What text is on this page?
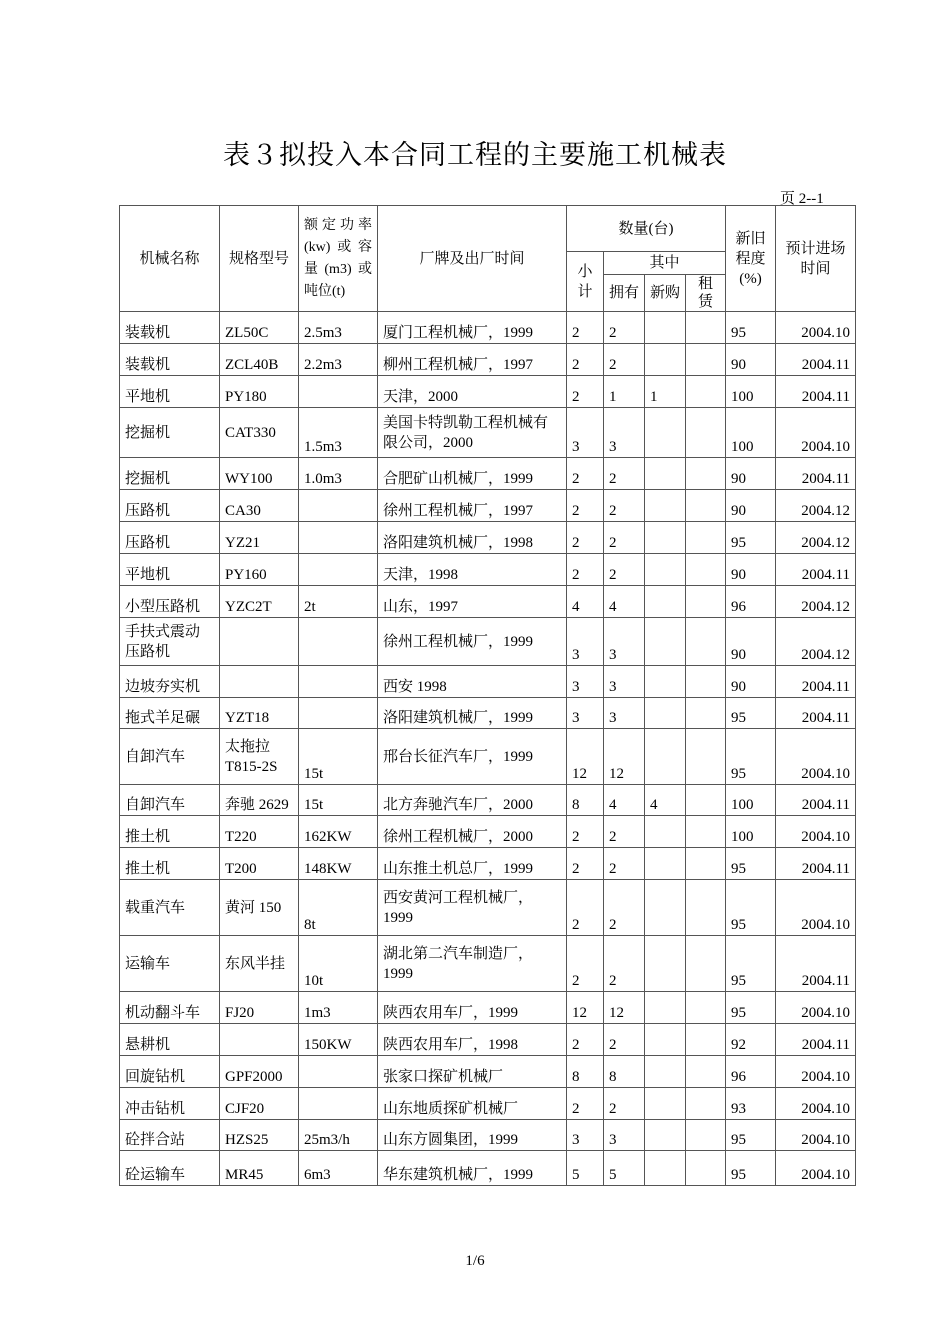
表３拟投入本合同工程的主要施工机械表
页 2--1
机械名称	规格型号	额定功率(kw)或容量(m3)或吨位(t)	厂牌及出厂时间	数量(台)				新旧程度(%)	预计进场时间
				小计	其中				
					拥有	新购	租赁		
装载机	ZL50C	2.5m3	厦门工程机械厂，1999	2	2			95	2004.10
装载机	ZCL40B	2.2m3	柳州工程机械厂，1997	2	2			90	2004.11
平地机	PY180		天津，2000	2	1	1		100	2004.11
挖掘机	CAT330	1.5m3	美国卡特凯勒工程机械有限公司，2000	3	3			100	2004.10
挖掘机	WY100	1.0m3	合肥矿山机械厂，1999	2	2			90	2004.11
压路机	CA30		徐州工程机械厂，1997	2	2			90	2004.12
压路机	YZ21		洛阳建筑机械厂，1998	2	2			95	2004.12
平地机	PY160		天津，1998	2	2			90	2004.11
小型压路机	YZC2T	2t	山东，1997	4	4			96	2004.12
手扶式震动压路机			徐州工程机械厂，1999	3	3			90	2004.12
边坡夯实机			西安 1998	3	3			90	2004.11
拖式羊足碾	YZT18		洛阳建筑机械厂，1999	3	3			95	2004.11
自卸汽车	太拖拉T815-2S	15t	邢台长征汽车厂，1999	12	12			95	2004.10
自卸汽车	奔驰 2629	15t	北方奔驰汽车厂，2000	8	4	4		100	2004.11
推土机	T220	162KW	徐州工程机械厂，2000	2	2			100	2004.10
推土机	T200	148KW	山东推土机总厂，1999	2	2			95	2004.11
载重汽车	黄河 150	8t	西安黄河工程机械厂，1999	2	2			95	2004.10
运输车	东风半挂	10t	湖北第二汽车制造厂，1999	2	2			95	2004.11
机动翻斗车	FJ20	1m3	陕西农用车厂，1999	12	12			95	2004.10
悬耕机		150KW	陕西农用车厂，1998	2	2			92	2004.11
回旋钻机	GPF2000		张家口探矿机械厂	8	8			96	2004.10
冲击钻机	CJF20		山东地质探矿机械厂	2	2			93	2004.10
砼拌合站	HZS25	25m3/h	山东方圆集团，1999	3	3			95	2004.10
砼运输车	MR45	6m3	华东建筑机械厂，1999	5	5			95	2004.10
1/6
